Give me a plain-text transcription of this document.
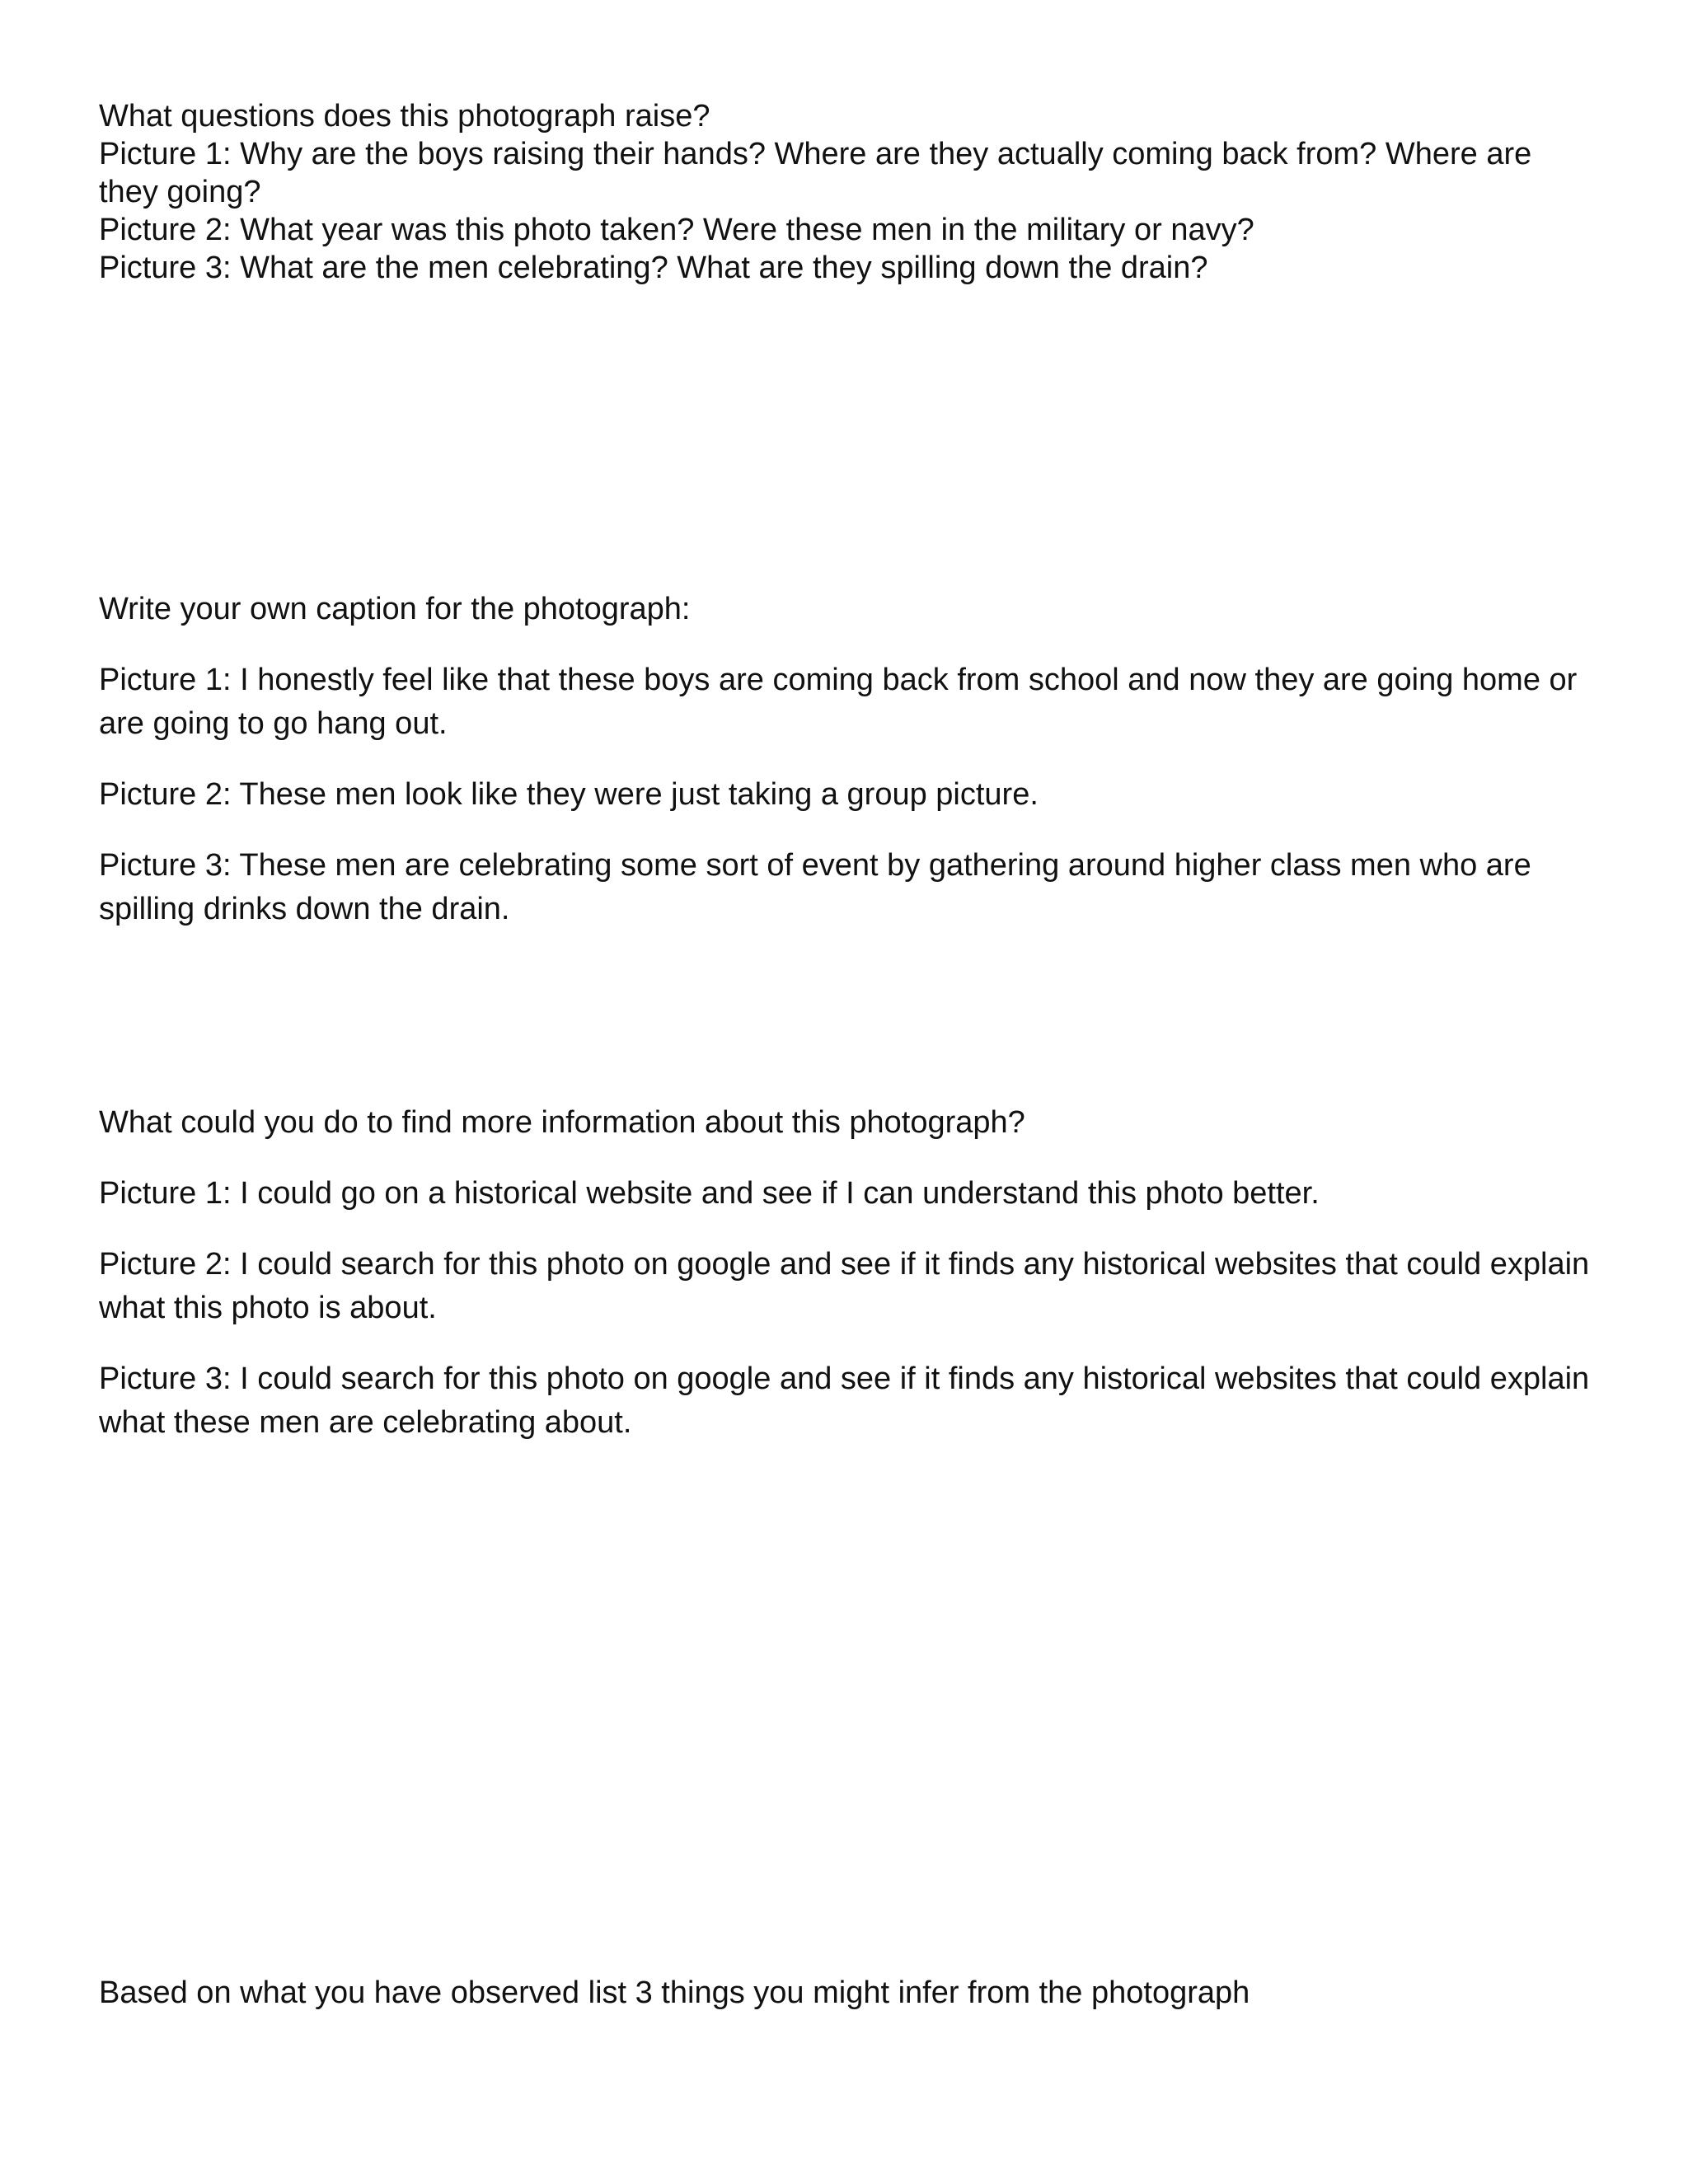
What questions does this photograph raise?

Picture 1: Why are the boys raising their hands? Where are they actually coming back from? Where are they going?

Picture 2: What year was this photo taken? Were these men in the military or navy?

Picture 3: What are the men celebrating? What are they spilling down the drain?

Write your own caption for the photograph:

Picture 1: I honestly feel like that these boys are coming back from school and now they are going home or are going to go hang out.

Picture 2: These men look like they were just taking a group picture.

Picture 3: These men are celebrating some sort of event by gathering around higher class men who are spilling drinks down the drain.

What could you do to find more information about this photograph?

Picture 1: I could go on a historical website and see if I can understand this photo better.

Picture 2: I could search for this photo on google and see if it finds any historical websites that could explain what this photo is about.

Picture 3: I could search for this photo on google and see if it finds any historical websites that could explain what these men are celebrating about.

Based on what you have observed list 3 things you might infer from the photograph
